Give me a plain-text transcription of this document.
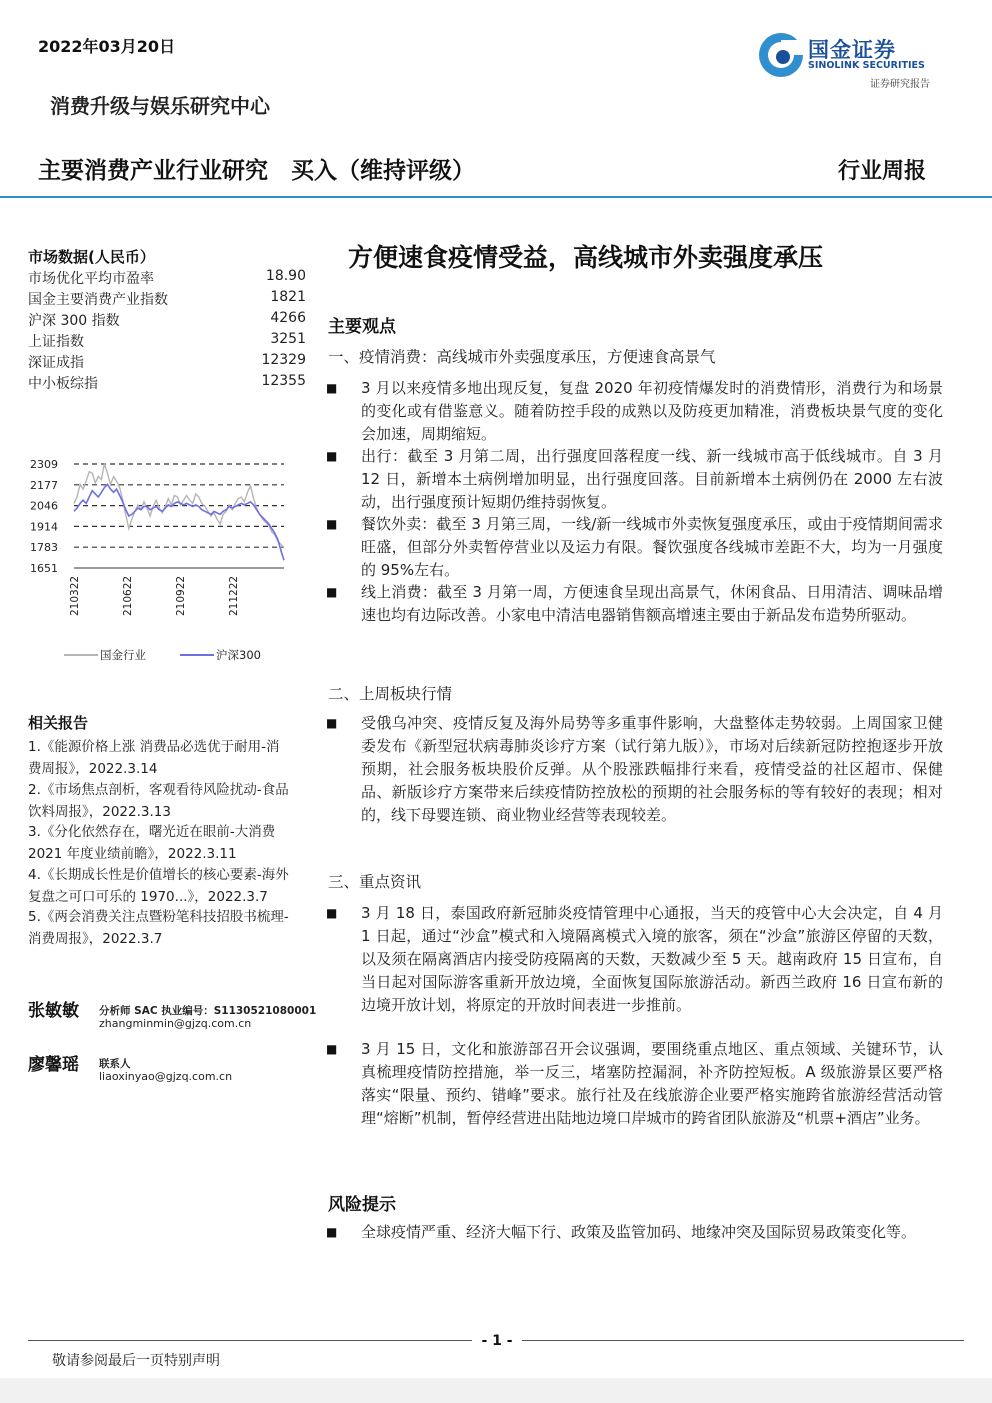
2022年03月20日	国金证券
SINOLINK SECURITIES
证券研究报告
消费升级与娱乐研究中心
主要消费产业行业研究　买入（维持评级）	行业周报
市场数据(人民币）
市场优化平均市盈率	18.90
国金主要消费产业指数	1821
沪深 300 指数	4266
上证指数	3251
深证成指	12329
中小板综指	12355
2309
2177
2046
1914
1783
1651
210322	210622	210922	211222
国金行业	沪深300
相关报告
1.《能源价格上涨 消费品必选优于耐用-消
费周报》，2022.3.14
2.《市场焦点剖析，客观看待风险扰动-食品
饮料周报》，2022.3.13
3.《分化依然存在，曙光近在眼前-大消费
2021 年度业绩前瞻》，2022.3.11
4.《长期成长性是价值增长的核心要素-海外
复盘之可口可乐的 1970...》，2022.3.7
5.《两会消费关注点暨粉笔科技招股书梳理-
消费周报》，2022.3.7
张敏敏 分析师 SAC 执业编号：S1130521080001
zhangminmin@gjzq.com.cn
廖馨瑶 联系人
liaoxinyao@gjzq.com.cn
方便速食疫情受益，高线城市外卖强度承压
主要观点
一、疫情消费：高线城市外卖强度承压，方便速食高景气
■ 3 月以来疫情多地出现反复，复盘 2020 年初疫情爆发时的消费情形，消费行为和场景的变化或有借鉴意义。随着防控手段的成熟以及防疫更加精准，消费板块景气度的变化会加速，周期缩短。
■ 出行：截至 3 月第二周，出行强度回落程度一线、新一线城市高于低线城市。自 3 月 12 日，新增本土病例增加明显，出行强度回落。目前新增本土病例仍在 2000 左右波动，出行强度预计短期仍维持弱恢复。
■ 餐饮外卖：截至 3 月第三周，一线/新一线城市外卖恢复强度承压，或由于疫情期间需求旺盛，但部分外卖暂停营业以及运力有限。餐饮强度各线城市差距不大，均为一月强度的 95%左右。
■ 线上消费：截至 3 月第一周，方便速食呈现出高景气，休闲食品、日用清洁、调味品增速也均有边际改善。小家电中清洁电器销售额高增速主要由于新品发布造势所驱动。
二、上周板块行情
■ 受俄乌冲突、疫情反复及海外局势等多重事件影响，大盘整体走势较弱。上周国家卫健委发布《新型冠状病毒肺炎诊疗方案（试行第九版）》，市场对后续新冠防控抱逐步开放预期，社会服务板块股价反弹。从个股涨跌幅排行来看，疫情受益的社区超市、保健品、新版诊疗方案带来后续疫情防控放松的预期的社会服务标的等有较好的表现；相对的，线下母婴连锁、商业物业经营等表现较差。
三、重点资讯
■ 3 月 18 日，泰国政府新冠肺炎疫情管理中心通报，当天的疫管中心大会决定，自 4 月 1 日起，通过“沙盒”模式和入境隔离模式入境的旅客，须在“沙盒”旅游区停留的天数，以及须在隔离酒店内接受防疫隔离的天数，天数减少至 5 天。越南政府 15 日宣布，自当日起对国际游客重新开放边境，全面恢复国际旅游活动。新西兰政府 16 日宣布新的边境开放计划，将原定的开放时间表进一步推前。
■ 3 月 15 日，文化和旅游部召开会议强调，要围绕重点地区、重点领域、关键环节，认真梳理疫情防控措施，举一反三，堵塞防控漏洞，补齐防控短板。A 级旅游景区要严格落实“限量、预约、错峰”要求。旅行社及在线旅游企业要严格实施跨省旅游经营活动管理“熔断”机制，暂停经营进出陆地边境口岸城市的跨省团队旅游及“机票+酒店”业务。
风险提示
■ 全球疫情严重、经济大幅下行、政策及监管加码、地缘冲突及国际贸易政策变化等。
- 1 -
敬请参阅最后一页特别声明
